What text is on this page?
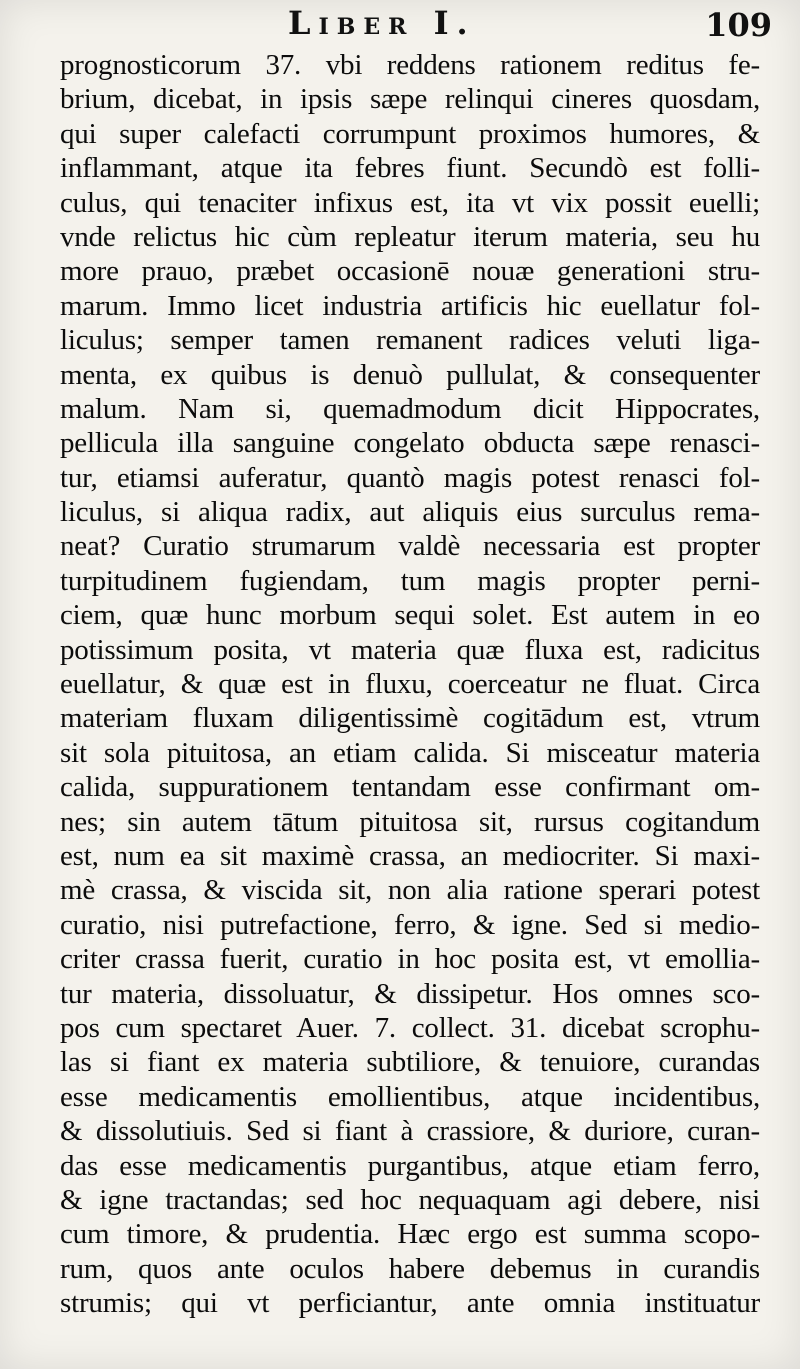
Liber I.	109
prognosticorum 37. vbi reddens rationem reditus fe-
brium, dicebat, in ipsis sæpe relinqui cineres quosdam,
qui super calefacti corrumpunt proximos humores, &
inflammant, atque ita febres fiunt. Secundò est folli-
culus, qui tenaciter infixus est, ita vt vix possit euelli;
vnde relictus hic cùm repleatur iterum materia, seu hu
more prauo, præbet occasionē nouæ generationi stru-
marum. Immo licet industria artificis hic euellatur fol-
liculus; semper tamen remanent radices veluti liga-
menta, ex quibus is denuò pullulat, & consequenter
malum. Nam si, quemadmodum dicit Hippocrates,
pellicula illa sanguine congelato obducta sæpe renasci-
tur, etiamsi auferatur, quantò magis potest renasci fol-
liculus, si aliqua radix, aut aliquis eius surculus rema-
neat? Curatio strumarum valdè necessaria est propter
turpitudinem fugiendam, tum magis propter perni-
ciem, quæ hunc morbum sequi solet. Est autem in eo
potissimum posita, vt materia quæ fluxa est, radicitus
euellatur, & quæ est in fluxu, coerceatur ne fluat. Circa
materiam fluxam diligentissimè cogitādum est, vtrum
sit sola pituitosa, an etiam calida. Si misceatur materia
calida, suppurationem tentandam esse confirmant om-
nes; sin autem tātum pituitosa sit, rursus cogitandum
est, num ea sit maximè crassa, an mediocriter. Si maxi-
mè crassa, & viscida sit, non alia ratione sperari potest
curatio, nisi putrefactione, ferro, & igne. Sed si medio-
criter crassa fuerit, curatio in hoc posita est, vt emollia-
tur materia, dissoluatur, & dissipetur. Hos omnes sco-
pos cum spectaret Auer. 7. collect. 31. dicebat scrophu-
las si fiant ex materia subtiliore, & tenuiore, curandas
esse medicamentis emollientibus, atque incidentibus,
& dissolutiuis. Sed si fiant à crassiore, & duriore, curan-
das esse medicamentis purgantibus, atque etiam ferro,
& igne tractandas; sed hoc nequaquam agi debere, nisi
cum timore, & prudentia. Hæc ergo est summa scopo-
rum, quos ante oculos habere debemus in curandis
strumis; qui vt perficiantur, ante omnia instituatur
